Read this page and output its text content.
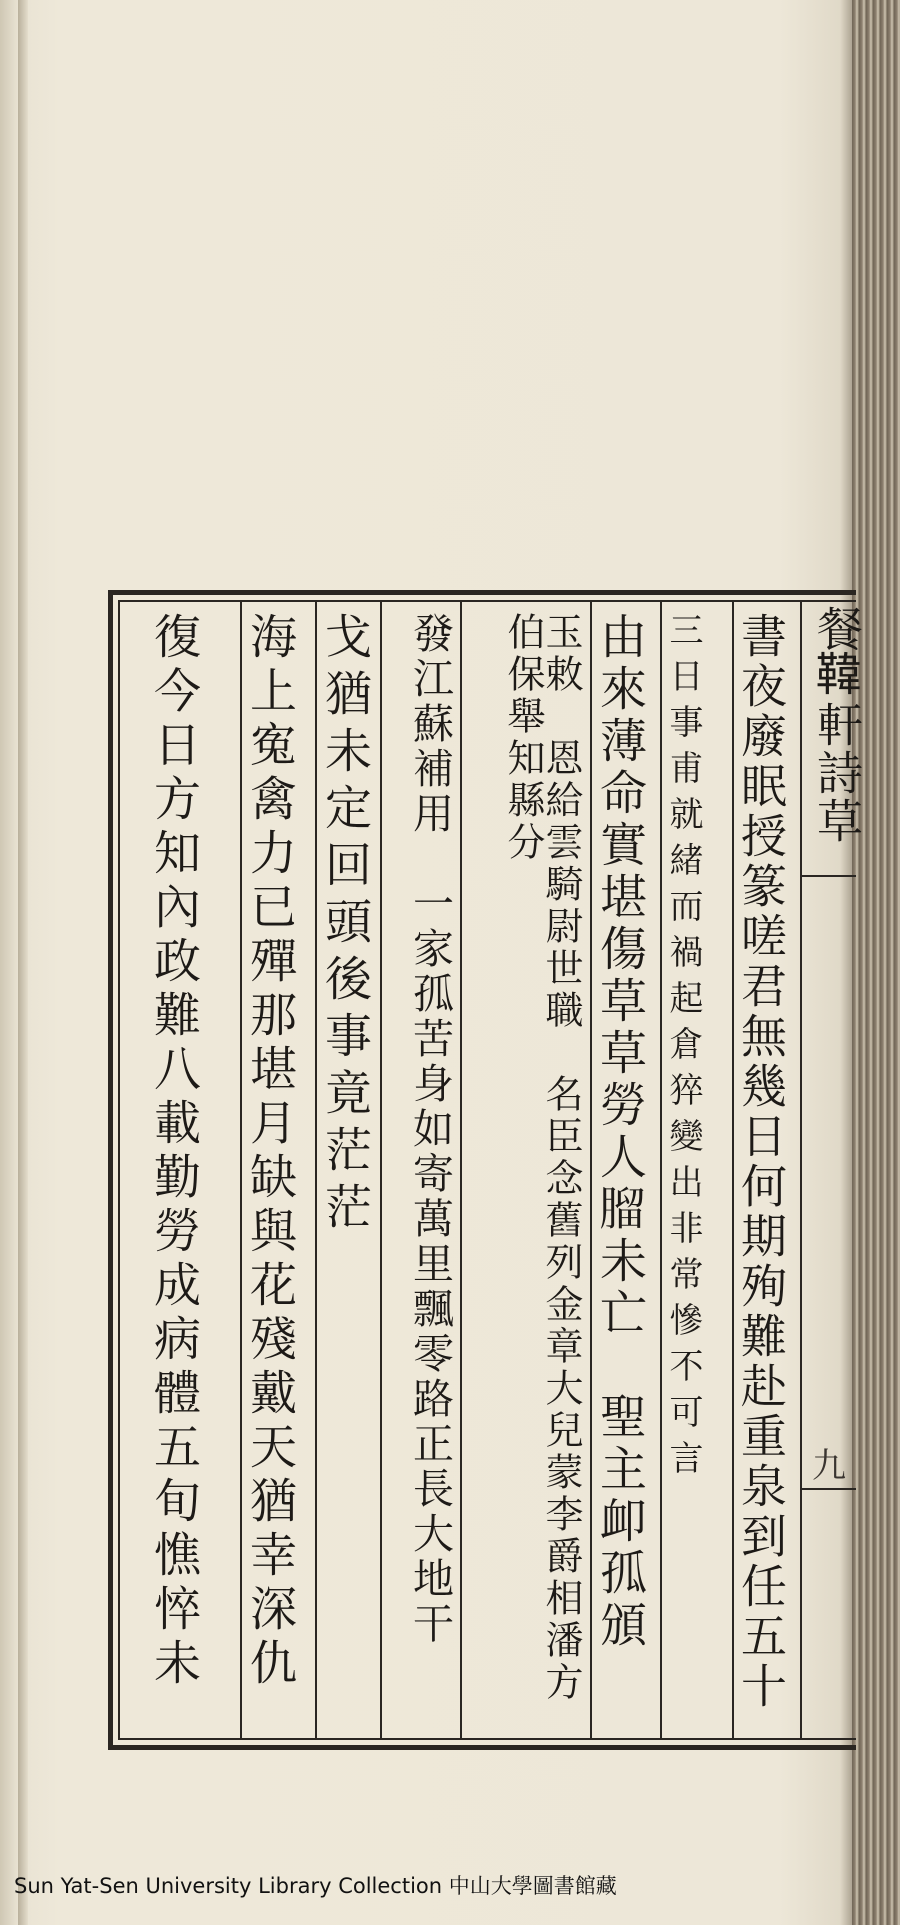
餐𩋾軒詩草
九
書夜廢眠授篆嗟君無幾日何期殉難赴重泉到任五十
三日事甫就緒而禍起倉猝變出非常慘不可言
由來薄命實堪傷草草勞人𦞧未亡　聖主卹孤頒
玉敕　恩給雲騎尉世職　名臣念舊列金章大兒蒙李爵相潘方伯保舉知縣分
發江蘇補用　一家孤苦身如寄萬里飄零路正長大地干
戈猶未定回頭後事竟茫茫
海上寃禽力已殫那堪月缺與花殘戴天猶幸深仇
復今日方知內政難八載勤勞成病體五旬憔悴未
Sun Yat-Sen University Library Collection 中山大學圖書館藏
